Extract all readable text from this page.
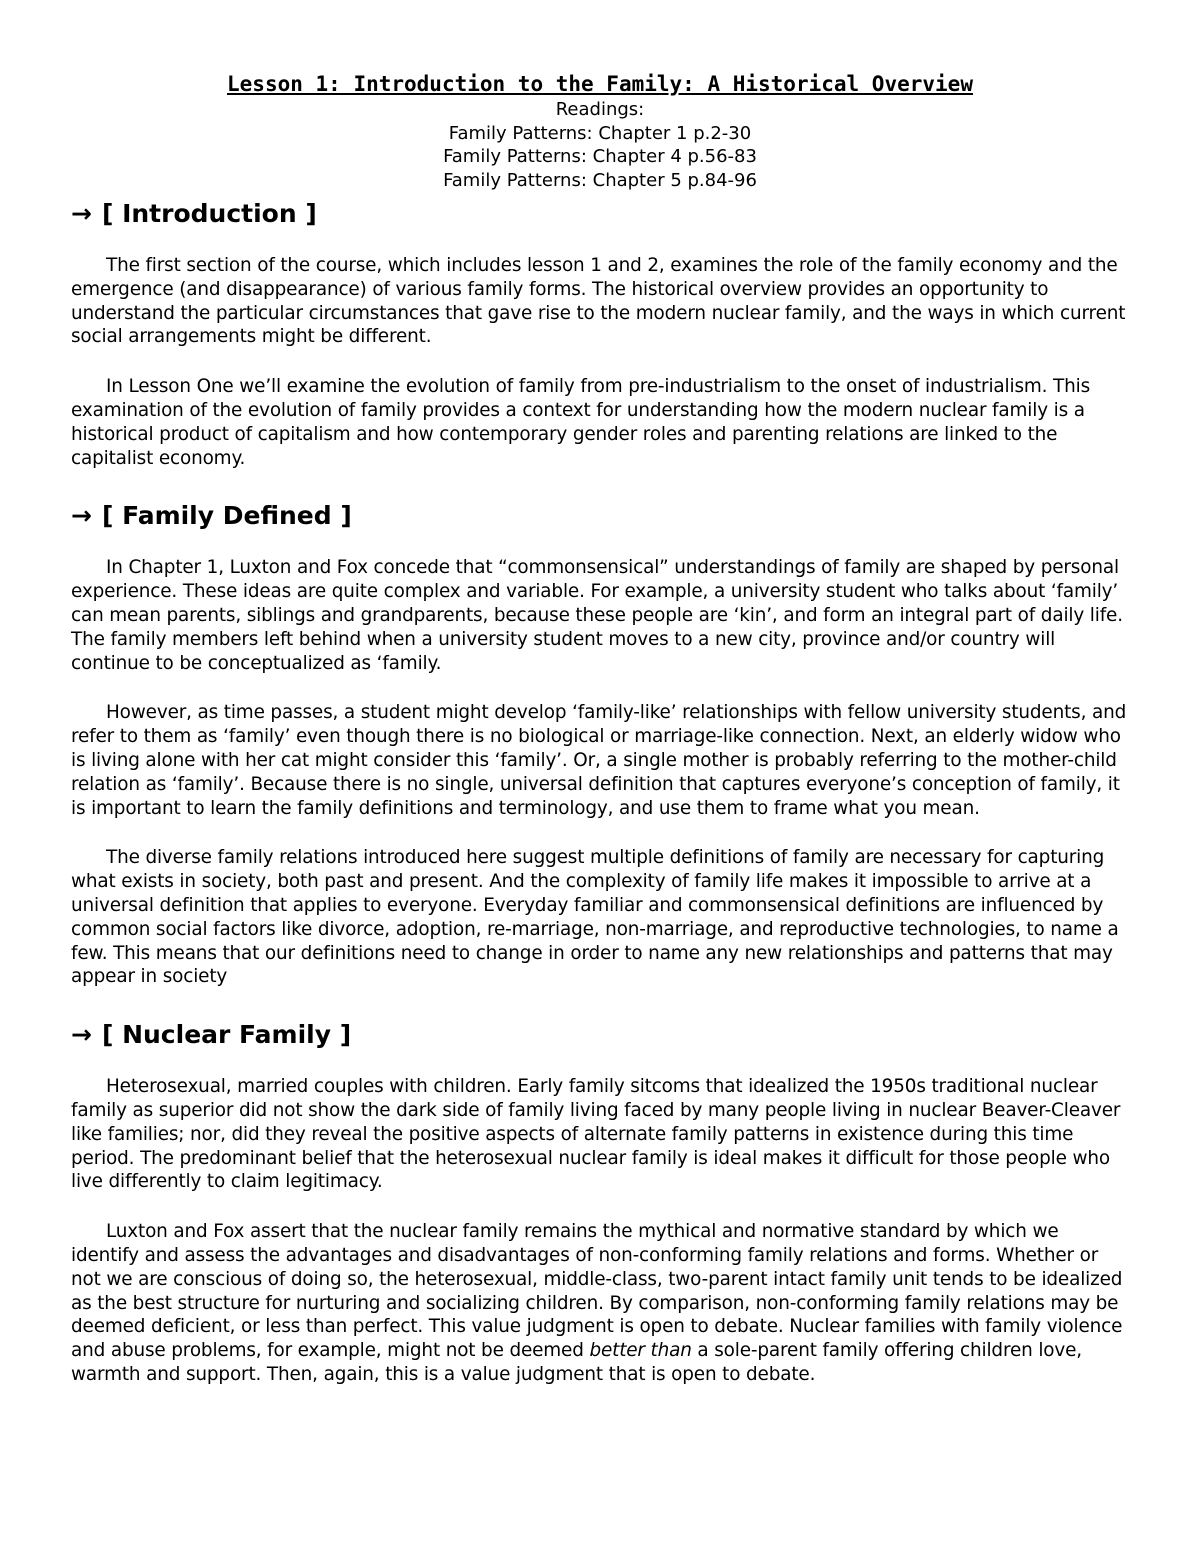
Lesson 1: Introduction to the Family: A Historical Overview

Readings:

Family Patterns: Chapter 1 p.2-30

Family Patterns: Chapter 4 p.56-83

Family Patterns: Chapter 5 p.84-96

→ [ Introduction ]

The first section of the course, which includes lesson 1 and 2, examines the role of the family economy and the emergence (and disappearance) of various family forms. The historical overview provides an opportunity to understand the particular circumstances that gave rise to the modern nuclear family, and the ways in which current social arrangements might be different.

In Lesson One we’ll examine the evolution of family from pre-industrialism to the onset of industrialism. This examination of the evolution of family provides a context for understanding how the modern nuclear family is a historical product of capitalism and how contemporary gender roles and parenting relations are linked to the capitalist economy.

→ [ Family Defined ]

In Chapter 1, Luxton and Fox concede that “commonsensical” understandings of family are shaped by personal experience. These ideas are quite complex and variable. For example, a university student who talks about ‘family’ can mean parents, siblings and grandparents, because these people are ‘kin’, and form an integral part of daily life. The family members left behind when a university student moves to a new city, province and/or country will continue to be conceptualized as ‘family.

However, as time passes, a student might develop ‘family-like’ relationships with fellow university students, and refer to them as ‘family’ even though there is no biological or marriage-like connection. Next, an elderly widow who is living alone with her cat might consider this ‘family’. Or, a single mother is probably referring to the mother-child relation as ‘family’. Because there is no single, universal definition that captures everyone’s conception of family, it is important to learn the family definitions and terminology, and use them to frame what you mean.

The diverse family relations introduced here suggest multiple definitions of family are necessary for capturing what exists in society, both past and present. And the complexity of family life makes it impossible to arrive at a universal definition that applies to everyone. Everyday familiar and commonsensical definitions are influenced by common social factors like divorce, adoption, re-marriage, non-marriage, and reproductive technologies, to name a few. This means that our definitions need to change in order to name any new relationships and patterns that may appear in society

→ [ Nuclear Family ]

Heterosexual, married couples with children. Early family sitcoms that idealized the 1950s traditional nuclear family as superior did not show the dark side of family living faced by many people living in nuclear Beaver-Cleaver like families; nor, did they reveal the positive aspects of alternate family patterns in existence during this time period. The predominant belief that the heterosexual nuclear family is ideal makes it difficult for those people who live differently to claim legitimacy.

Luxton and Fox assert that the nuclear family remains the mythical and normative standard by which we identify and assess the advantages and disadvantages of non-conforming family relations and forms. Whether or not we are conscious of doing so, the heterosexual, middle-class, two-parent intact family unit tends to be idealized as the best structure for nurturing and socializing children. By comparison, non-conforming family relations may be deemed deficient, or less than perfect. This value judgment is open to debate. Nuclear families with family violence and abuse problems, for example, might not be deemed better than a sole-parent family offering children love, warmth and support. Then, again, this is a value judgment that is open to debate.
